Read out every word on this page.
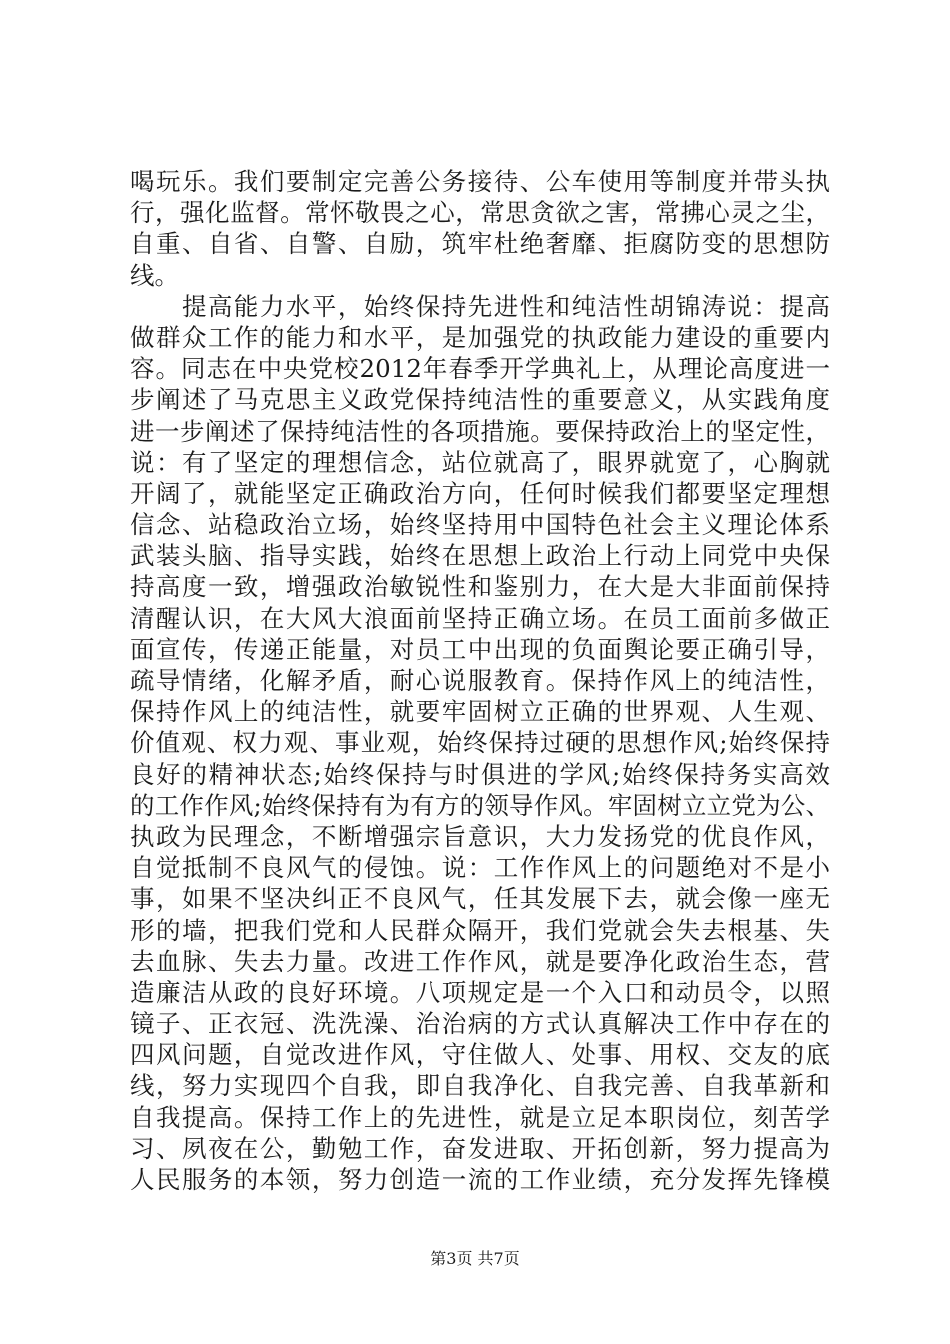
喝玩乐。我们要制定完善公务接待、公车使用等制度并带头执
行，强化监督。常怀敬畏之心，常思贪欲之害，常拂心灵之尘，
自重、自省、自警、自励，筑牢杜绝奢靡、拒腐防变的思想防
线。
　　提高能力水平，始终保持先进性和纯洁性胡锦涛说：提高
做群众工作的能力和水平，是加强党的执政能力建设的重要内
容。同志在中央党校2012年春季开学典礼上，从理论高度进一
步阐述了马克思主义政党保持纯洁性的重要意义，从实践角度
进一步阐述了保持纯洁性的各项措施。要保持政治上的坚定性，
说：有了坚定的理想信念，站位就高了，眼界就宽了，心胸就
开阔了，就能坚定正确政治方向，任何时候我们都要坚定理想
信念、站稳政治立场，始终坚持用中国特色社会主义理论体系
武装头脑、指导实践，始终在思想上政治上行动上同党中央保
持高度一致，增强政治敏锐性和鉴别力，在大是大非面前保持
清醒认识，在大风大浪面前坚持正确立场。在员工面前多做正
面宣传，传递正能量，对员工中出现的负面舆论要正确引导，
疏导情绪，化解矛盾，耐心说服教育。保持作风上的纯洁性，
保持作风上的纯洁性，就要牢固树立正确的世界观、人生观、
价值观、权力观、事业观，始终保持过硬的思想作风;始终保持
良好的精神状态;始终保持与时俱进的学风;始终保持务实高效
的工作作风;始终保持有为有方的领导作风。牢固树立立党为公、
执政为民理念，不断增强宗旨意识，大力发扬党的优良作风，
自觉抵制不良风气的侵蚀。说：工作作风上的问题绝对不是小
事，如果不坚决纠正不良风气，任其发展下去，就会像一座无
形的墙，把我们党和人民群众隔开，我们党就会失去根基、失
去血脉、失去力量。改进工作作风，就是要净化政治生态，营
造廉洁从政的良好环境。八项规定是一个入口和动员令，以照
镜子、正衣冠、洗洗澡、治治病的方式认真解决工作中存在的
四风问题，自觉改进作风，守住做人、处事、用权、交友的底
线，努力实现四个自我，即自我净化、自我完善、自我革新和
自我提高。保持工作上的先进性，就是立足本职岗位，刻苦学
习、夙夜在公，勤勉工作，奋发进取、开拓创新，努力提高为
人民服务的本领，努力创造一流的工作业绩，充分发挥先锋模
第3页 共7页
